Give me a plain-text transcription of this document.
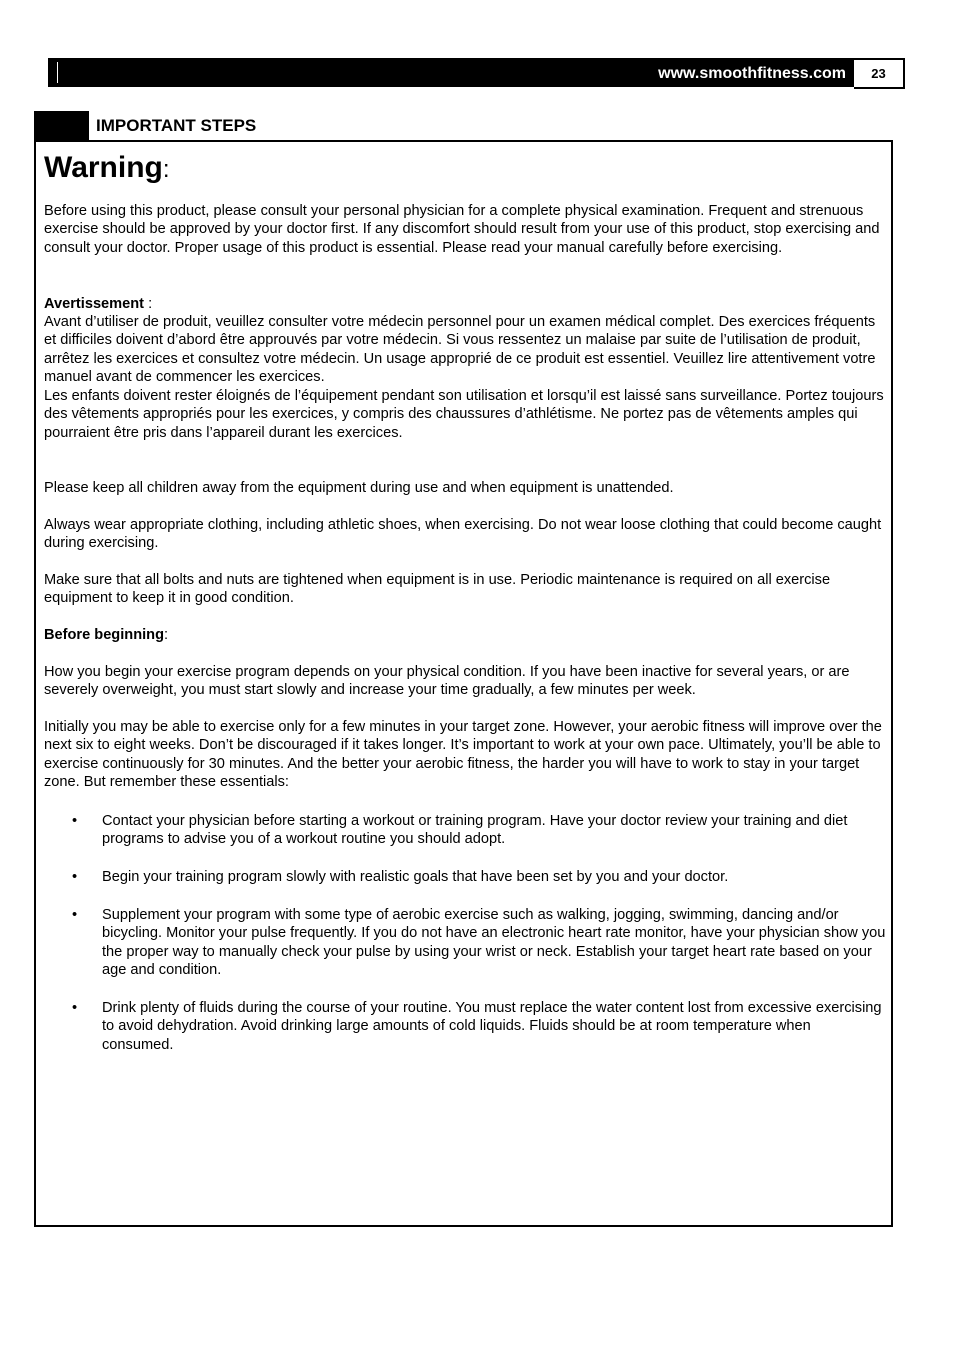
www.smoothfitness.com	23
IMPORTANT STEPS
Warning:

Before using this product, please consult your personal physician for a complete physical examination. Frequent and strenuous exercise should be approved by your doctor first. If any discomfort should result from your use of this product, stop exercising and consult your doctor. Proper usage of this product is essential. Please read your manual carefully before exercising.

Avertissement :

Avant d’utiliser de produit, veuillez consulter votre médecin personnel pour un examen médical complet. Des exercices fréquents et difficiles doivent d’abord être approuvés par votre médecin. Si vous ressentez un malaise par suite de l’utilisation de produit, arrêtez les exercices et consultez votre médecin. Un usage approprié de ce produit est essentiel. Veuillez lire attentivement votre manuel avant de commencer les exercices.

Les enfants doivent rester éloignés de l’équipement pendant son utilisation et lorsqu’il est laissé sans surveillance. Portez toujours des vêtements appropriés pour les exercices, y compris des chaussures d’athlétisme. Ne portez pas de vêtements amples qui pourraient être pris dans l’appareil durant les exercices.

Please keep all children away from the equipment during use and when equipment is unattended.

Always wear appropriate clothing, including athletic shoes, when exercising. Do not wear loose clothing that could become caught during exercising.

Make sure that all bolts and nuts are tightened when equipment is in use. Periodic maintenance is required on all exercise equipment to keep it in good condition.

Before beginning:

How you begin your exercise program depends on your physical condition. If you have been inactive for several years, or are severely overweight, you must start slowly and increase your time gradually, a few minutes per week.

Initially you may be able to exercise only for a few minutes in your target zone. However, your aerobic fitness will improve over the next six to eight weeks. Don’t be discouraged if it takes longer. It’s important to work at your own pace. Ultimately, you’ll be able to exercise continuously for 30 minutes. And the better your aerobic fitness, the harder you will have to work to stay in your target zone. But remember these essentials:

• Contact your physician before starting a workout or training program. Have your doctor review your training and diet programs to advise you of a workout routine you should adopt.

• Begin your training program slowly with realistic goals that have been set by you and your doctor.

• Supplement your program with some type of aerobic exercise such as walking, jogging, swimming, dancing and/or bicycling. Monitor your pulse frequently. If you do not have an electronic heart rate monitor, have your physician show you the proper way to manually check your pulse by using your wrist or neck. Establish your target heart rate based on your age and condition.

• Drink plenty of fluids during the course of your routine. You must replace the water content lost from excessive exercising to avoid dehydration. Avoid drinking large amounts of cold liquids. Fluids should be at room temperature when consumed.
